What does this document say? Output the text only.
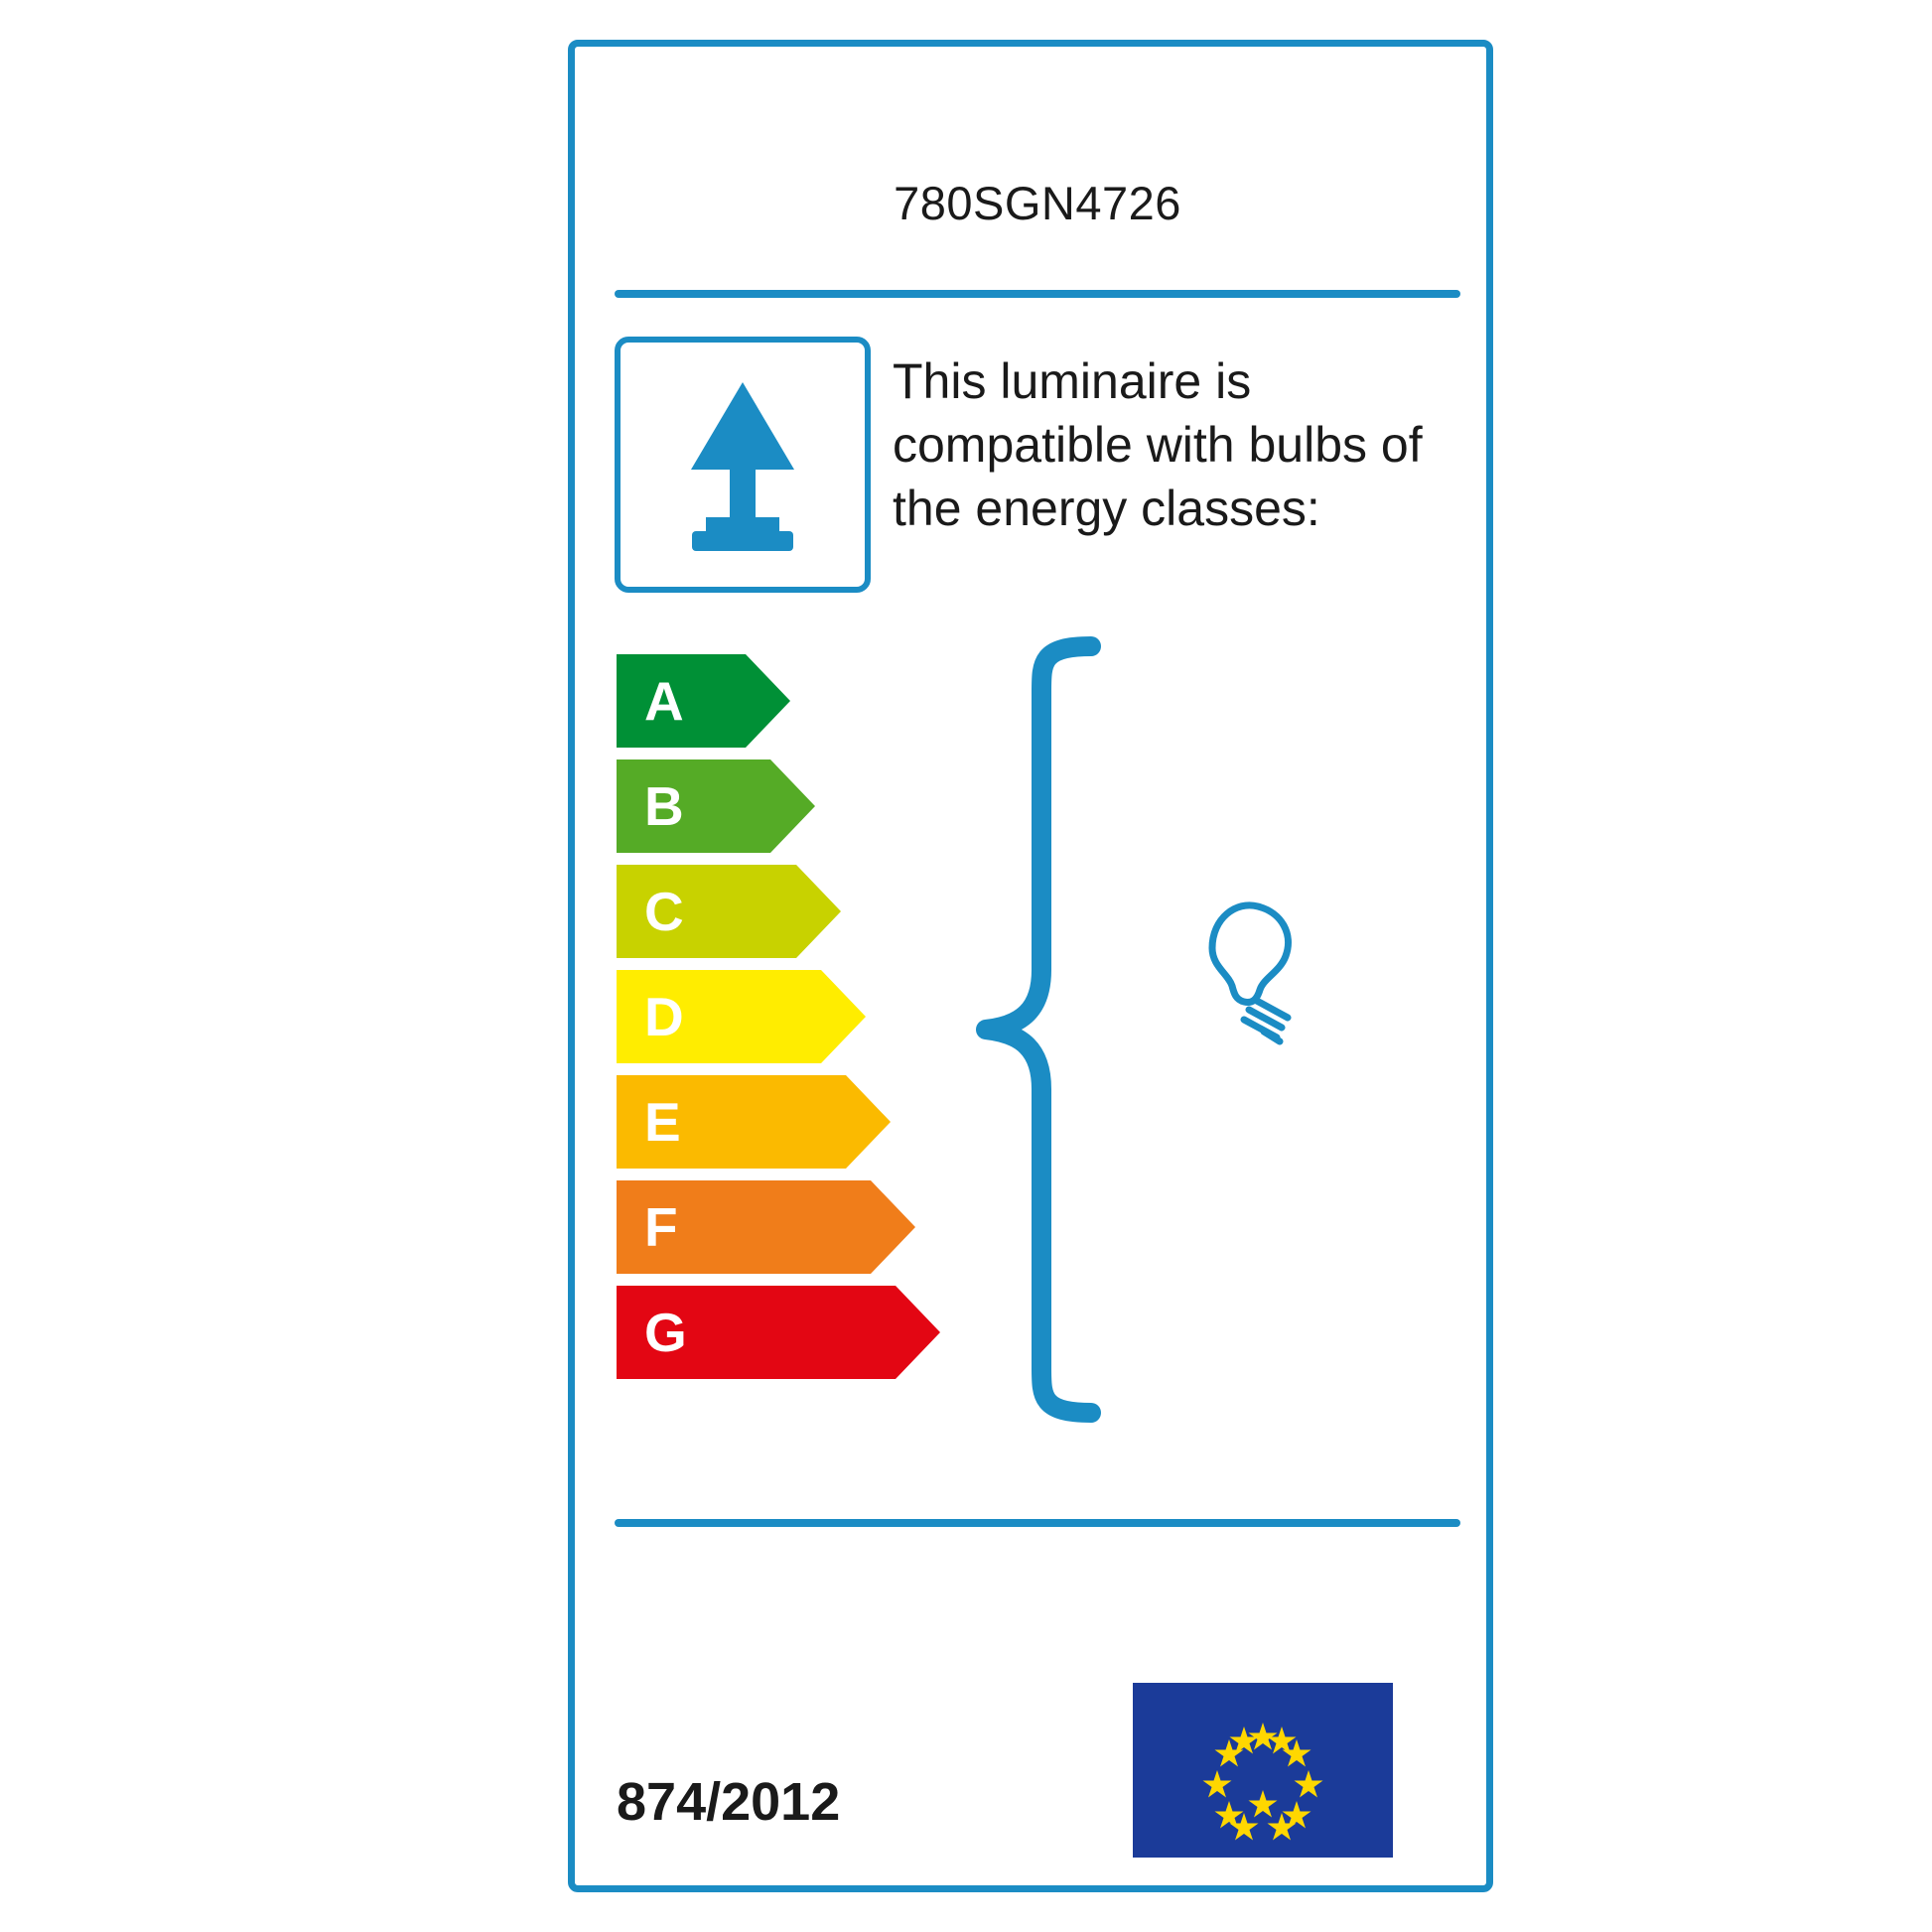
780SGN4726
This luminaire is compatible with bulbs of the energy classes:
A
B
C
D
E
F
G
874/2012
